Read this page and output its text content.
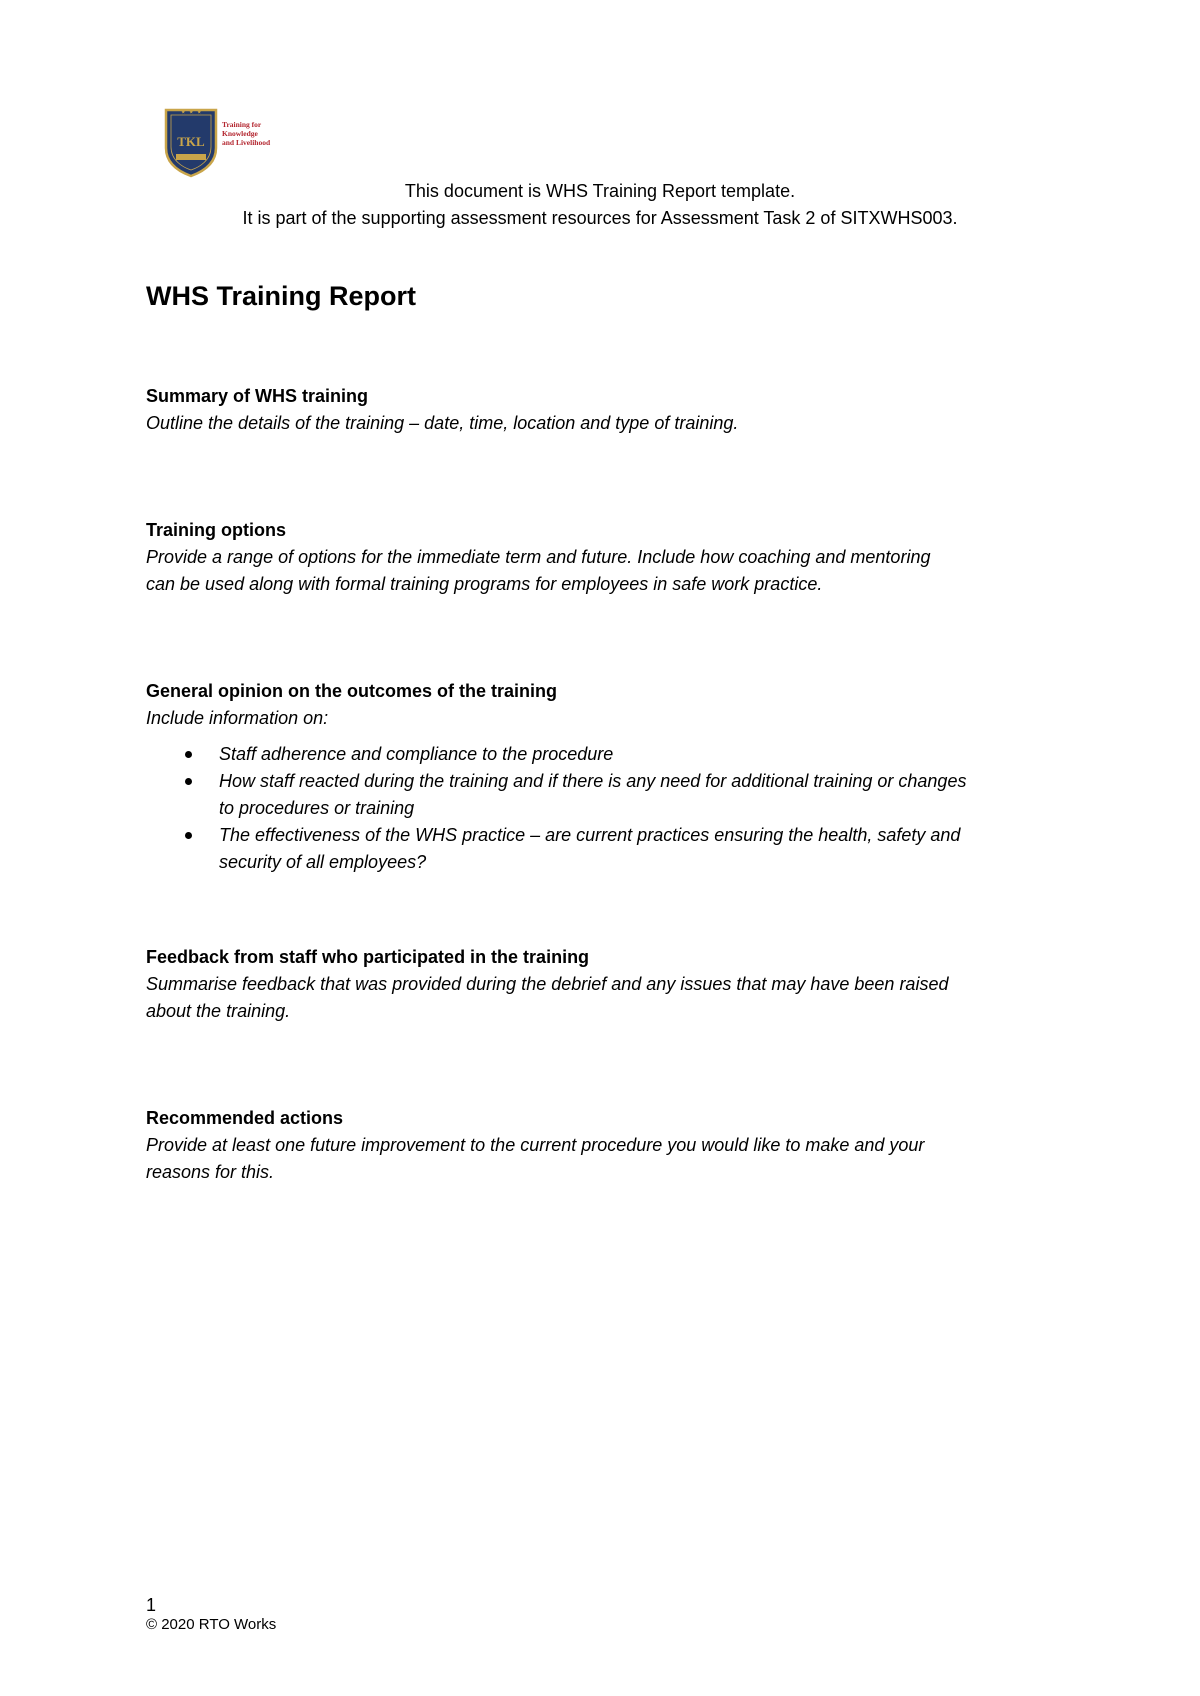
★ ★ ★
TKL
Training for
Knowledge
and Livelihood
This document is WHS Training Report template.
It is part of the supporting assessment resources for Assessment Task 2 of SITXWHS003.
WHS Training Report

Summary of WHS training

Outline the details of the training – date, time, location and type of training.

Training options

Provide a range of options for the immediate term and future. Include how coaching and mentoring

can be used along with formal training programs for employees in safe work practice.

General opinion on the outcomes of the training

Include information on:

Staff adherence and compliance to the procedure
How staff reacted during the training and if there is any need for additional training or changes
to procedures or training
The effectiveness of the WHS practice – are current practices ensuring the health, safety and
security of all employees?

Feedback from staff who participated in the training

Summarise feedback that was provided during the debrief and any issues that may have been raised

about the training.

Recommended actions

Provide at least one future improvement to the current procedure you would like to make and your

reasons for this.

1
© 2020 RTO Works
